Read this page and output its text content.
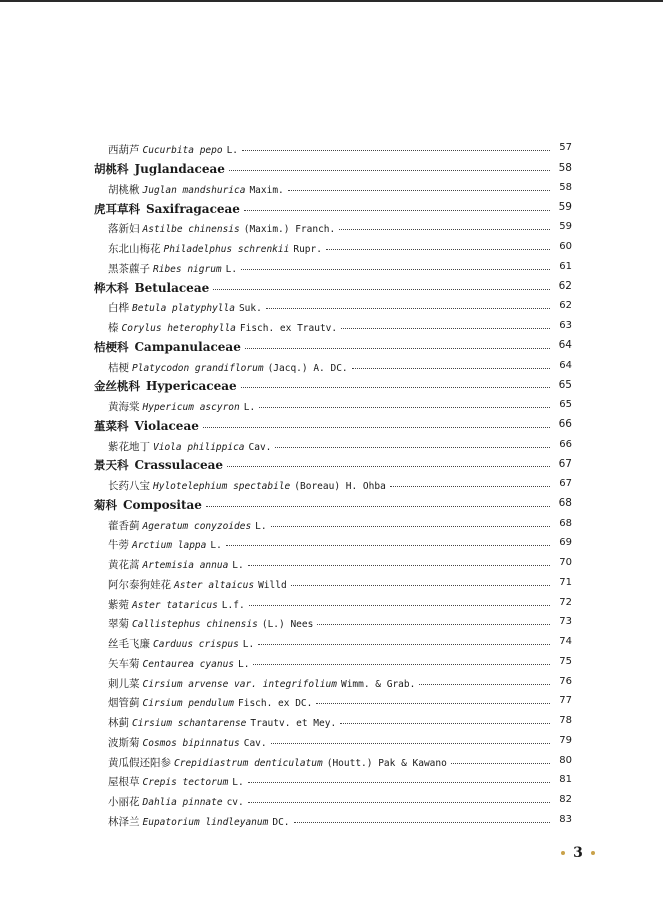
西葫芦 Cucurbita pepo L.	57
胡桃科 Juglandaceae	58
胡桃楸 Juglan mandshurica Maxim.	58
虎耳草科 Saxifragaceae	59
落新妇 Astilbe chinensis (Maxim.) Franch.	59
东北山梅花 Philadelphus schrenkii Rupr.	60
黑茶藨子 Ribes nigrum L.	61
桦木科 Betulaceae	62
白桦 Betula platyphylla Suk.	62
榛 Corylus heterophylla Fisch. ex Trautv.	63
桔梗科 Campanulaceae	64
桔梗 Platycodon grandiflorum (Jacq.) A. DC.	64
金丝桃科 Hypericaceae	65
黄海棠 Hypericum ascyron L.	65
堇菜科 Violaceae	66
紫花地丁 Viola philippica Cav.	66
景天科 Crassulaceae	67
长药八宝 Hylotelephium spectabile (Boreau) H. Ohba	67
菊科 Compositae	68
藿香蓟 Ageratum conyzoides L.	68
牛蒡 Arctium lappa L.	69
黄花蒿 Artemisia annua L.	70
阿尔泰狗娃花 Aster altaicus Willd	71
紫菀 Aster tataricus L.f.	72
翠菊 Callistephus chinensis (L.) Nees	73
丝毛飞廉 Carduus crispus L.	74
矢车菊 Centaurea cyanus L.	75
刺儿菜 Cirsium arvense var. integrifolium Wimm. & Grab.	76
烟管蓟 Cirsium pendulum Fisch. ex DC.	77
林蓟 Cirsium schantarense Trautv. et Mey.	78
波斯菊 Cosmos bipinnatus Cav.	79
黄瓜假还阳参 Crepidiastrum denticulatum (Houtt.) Pak & Kawano	80
屋根草 Crepis tectorum L.	81
小丽花 Dahlia pinnate cv.	82
林泽兰 Eupatorium lindleyanum DC.	83
3
